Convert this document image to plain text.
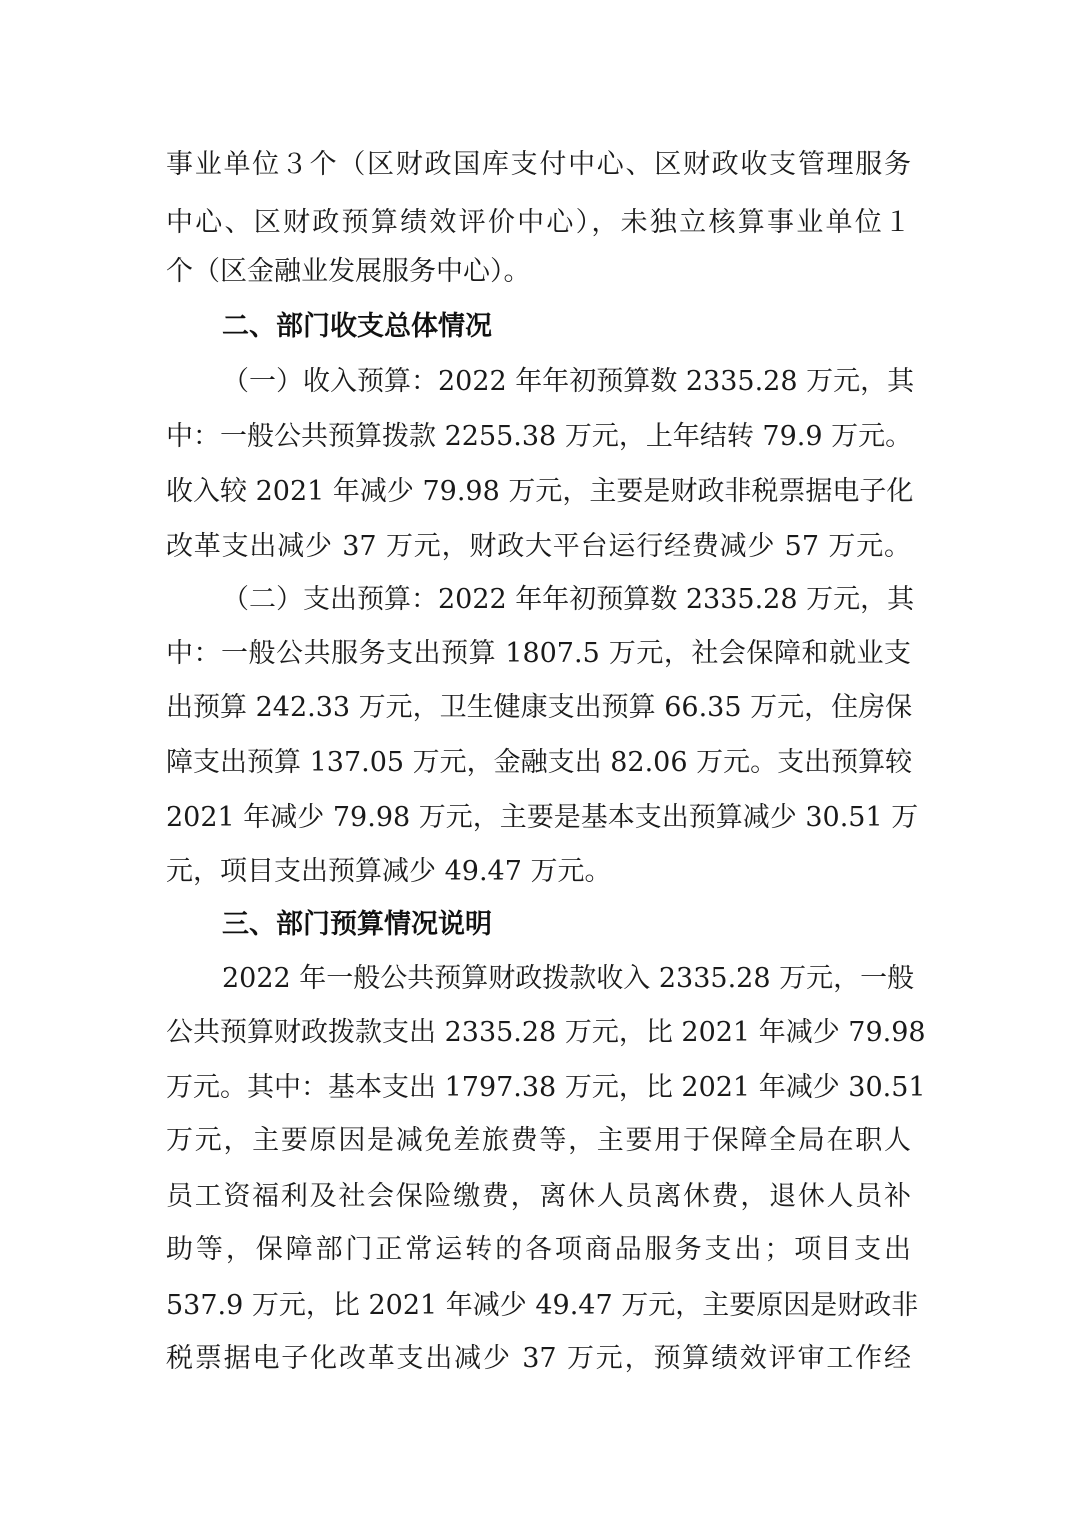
事业单位３个（区财政国库支付中心、区财政收支管理服务
中心、区财政预算绩效评价中心），未独立核算事业单位１
个（区金融业发展服务中心）。
二、部门收支总体情况
（一）收入预算：2022 年年初预算数 2335.28 万元，其
中：一般公共预算拨款 2255.38 万元，上年结转 79.9 万元。
收入较 2021 年减少 79.98 万元，主要是财政非税票据电子化
改革支出减少 37 万元，财政大平台运行经费减少 57 万元。
（二）支出预算：2022 年年初预算数 2335.28 万元，其
中：一般公共服务支出预算 1807.5 万元，社会保障和就业支
出预算 242.33 万元，卫生健康支出预算 66.35 万元，住房保
障支出预算 137.05 万元，金融支出 82.06 万元。支出预算较
2021 年减少 79.98 万元，主要是基本支出预算减少 30.51 万
元，项目支出预算减少 49.47 万元。
三、部门预算情况说明
2022 年一般公共预算财政拨款收入 2335.28 万元，一般
公共预算财政拨款支出 2335.28 万元，比 2021 年减少 79.98
万元。其中：基本支出 1797.38 万元，比 2021 年减少 30.51
万元，主要原因是减免差旅费等，主要用于保障全局在职人
员工资福利及社会保险缴费，离休人员离休费，退休人员补
助等，保障部门正常运转的各项商品服务支出；项目支出
537.9 万元，比 2021 年减少 49.47 万元，主要原因是财政非
税票据电子化改革支出减少 37 万元，预算绩效评审工作经
